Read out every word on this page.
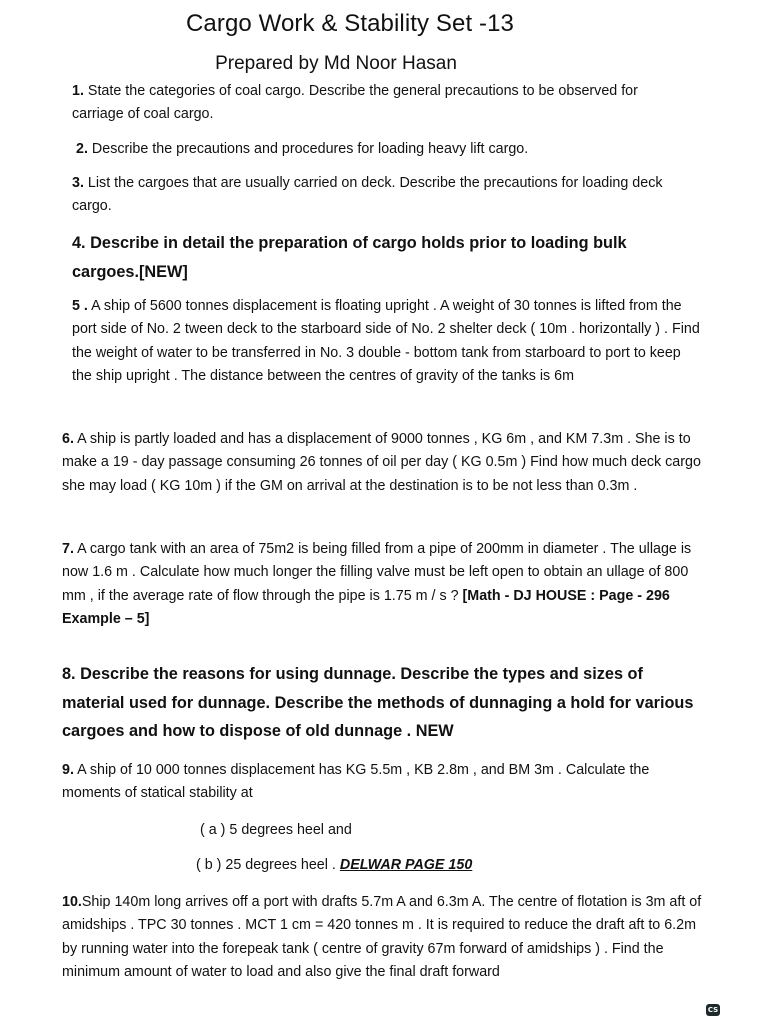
Cargo Work & Stability Set -13
Prepared by Md Noor Hasan
1. State the categories of coal cargo. Describe the general precautions to be observed for carriage of coal cargo.
2. Describe the precautions and procedures for loading heavy lift cargo.
3. List the cargoes that are usually carried on deck. Describe the precautions for loading deck cargo.
4. Describe in detail the preparation of cargo holds prior to loading bulk cargoes.[NEW]
5 . A ship of 5600 tonnes displacement is floating upright . A weight of 30 tonnes is lifted from the port side of No. 2 tween deck to the starboard side of No. 2 shelter deck ( 10m . horizontally ) . Find the weight of water to be transferred in No. 3 double - bottom tank from starboard to port to keep the ship upright . The distance between the centres of gravity of the tanks is 6m
6. A ship is partly loaded and has a displacement of 9000 tonnes , KG 6m , and KM 7.3m . She is to make a 19 - day passage consuming 26 tonnes of oil per day ( KG 0.5m ) Find how much deck cargo she may load ( KG 10m ) if the GM on arrival at the destination is to be not less than 0.3m .
7. A cargo tank with an area of 75m2 is being filled from a pipe of 200mm in diameter . The ullage is now 1.6 m . Calculate how much longer the filling valve must be left open to obtain an ullage of 800 mm , if the average rate of flow through the pipe is 1.75 m / s ? [Math - DJ HOUSE : Page - 296 Example – 5]
8. Describe the reasons for using dunnage. Describe the types and sizes of material used for dunnage. Describe the methods of dunnaging a hold for various cargoes and how to dispose of old dunnage . NEW
9. A ship of 10 000 tonnes displacement has KG 5.5m , KB 2.8m , and BM 3m . Calculate the moments of statical stability at
( a ) 5 degrees heel and
( b ) 25 degrees heel . DELWAR PAGE 150
10.Ship 140m long arrives off a port with drafts 5.7m A and 6.3m A. The centre of flotation is 3m aft of amidships . TPC 30 tonnes . MCT 1 cm = 420 tonnes m . It is required to reduce the draft aft to 6.2m by running water into the forepeak tank ( centre of gravity 67m forward of amidships ) . Find the minimum amount of water to load and also give the final draft forward
CS
